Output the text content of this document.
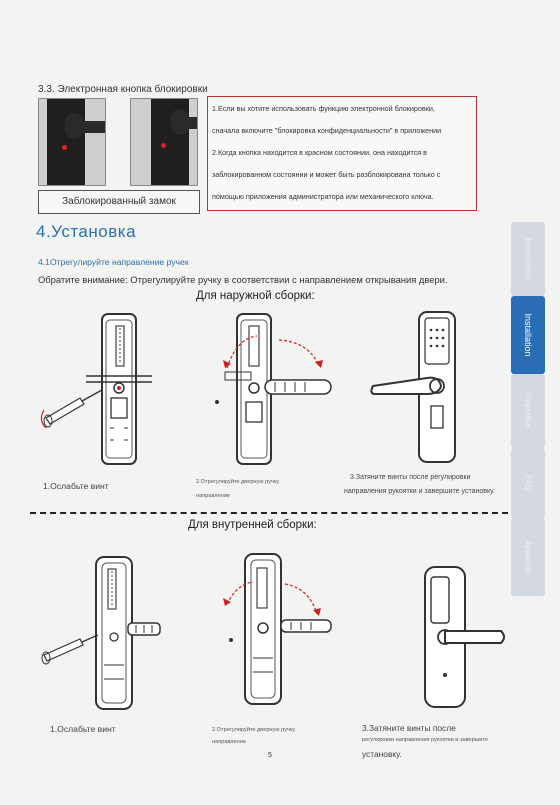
3.3. Электронная кнопка блокировки
Заблокированный замок

1.Если вы хотите использовать функцию электронной блокировки,

сначала включите "блокировка конфиденциальности" в приложении

2.Когда кнопка находится в красном состоянии, она находится в

заблокированном состоянии и может быть разблокирована только с

помощью приложения администратора или механического ключа.

4.Установка
4.1Отрегулируйте направление ручек
Обратите внимание: Отрегулируйте ручку в соответствии с направлением открывания двери.
Для наружной сборки:
1.Ослабьте винт	2.Отрегулируйте дверную ручку
направление
3.Затяните винты после регулировки
направления рукоятки и завершите установку.
Для внутренней сборки:
1.Ослабьте винт	2.Отрегулируйте дверную ручку
направление
3.Затяните винты после
регулировки направления рукоятки и завершите
установку.
5
Introduction
Installation
Operation
FAQ
Appendix
